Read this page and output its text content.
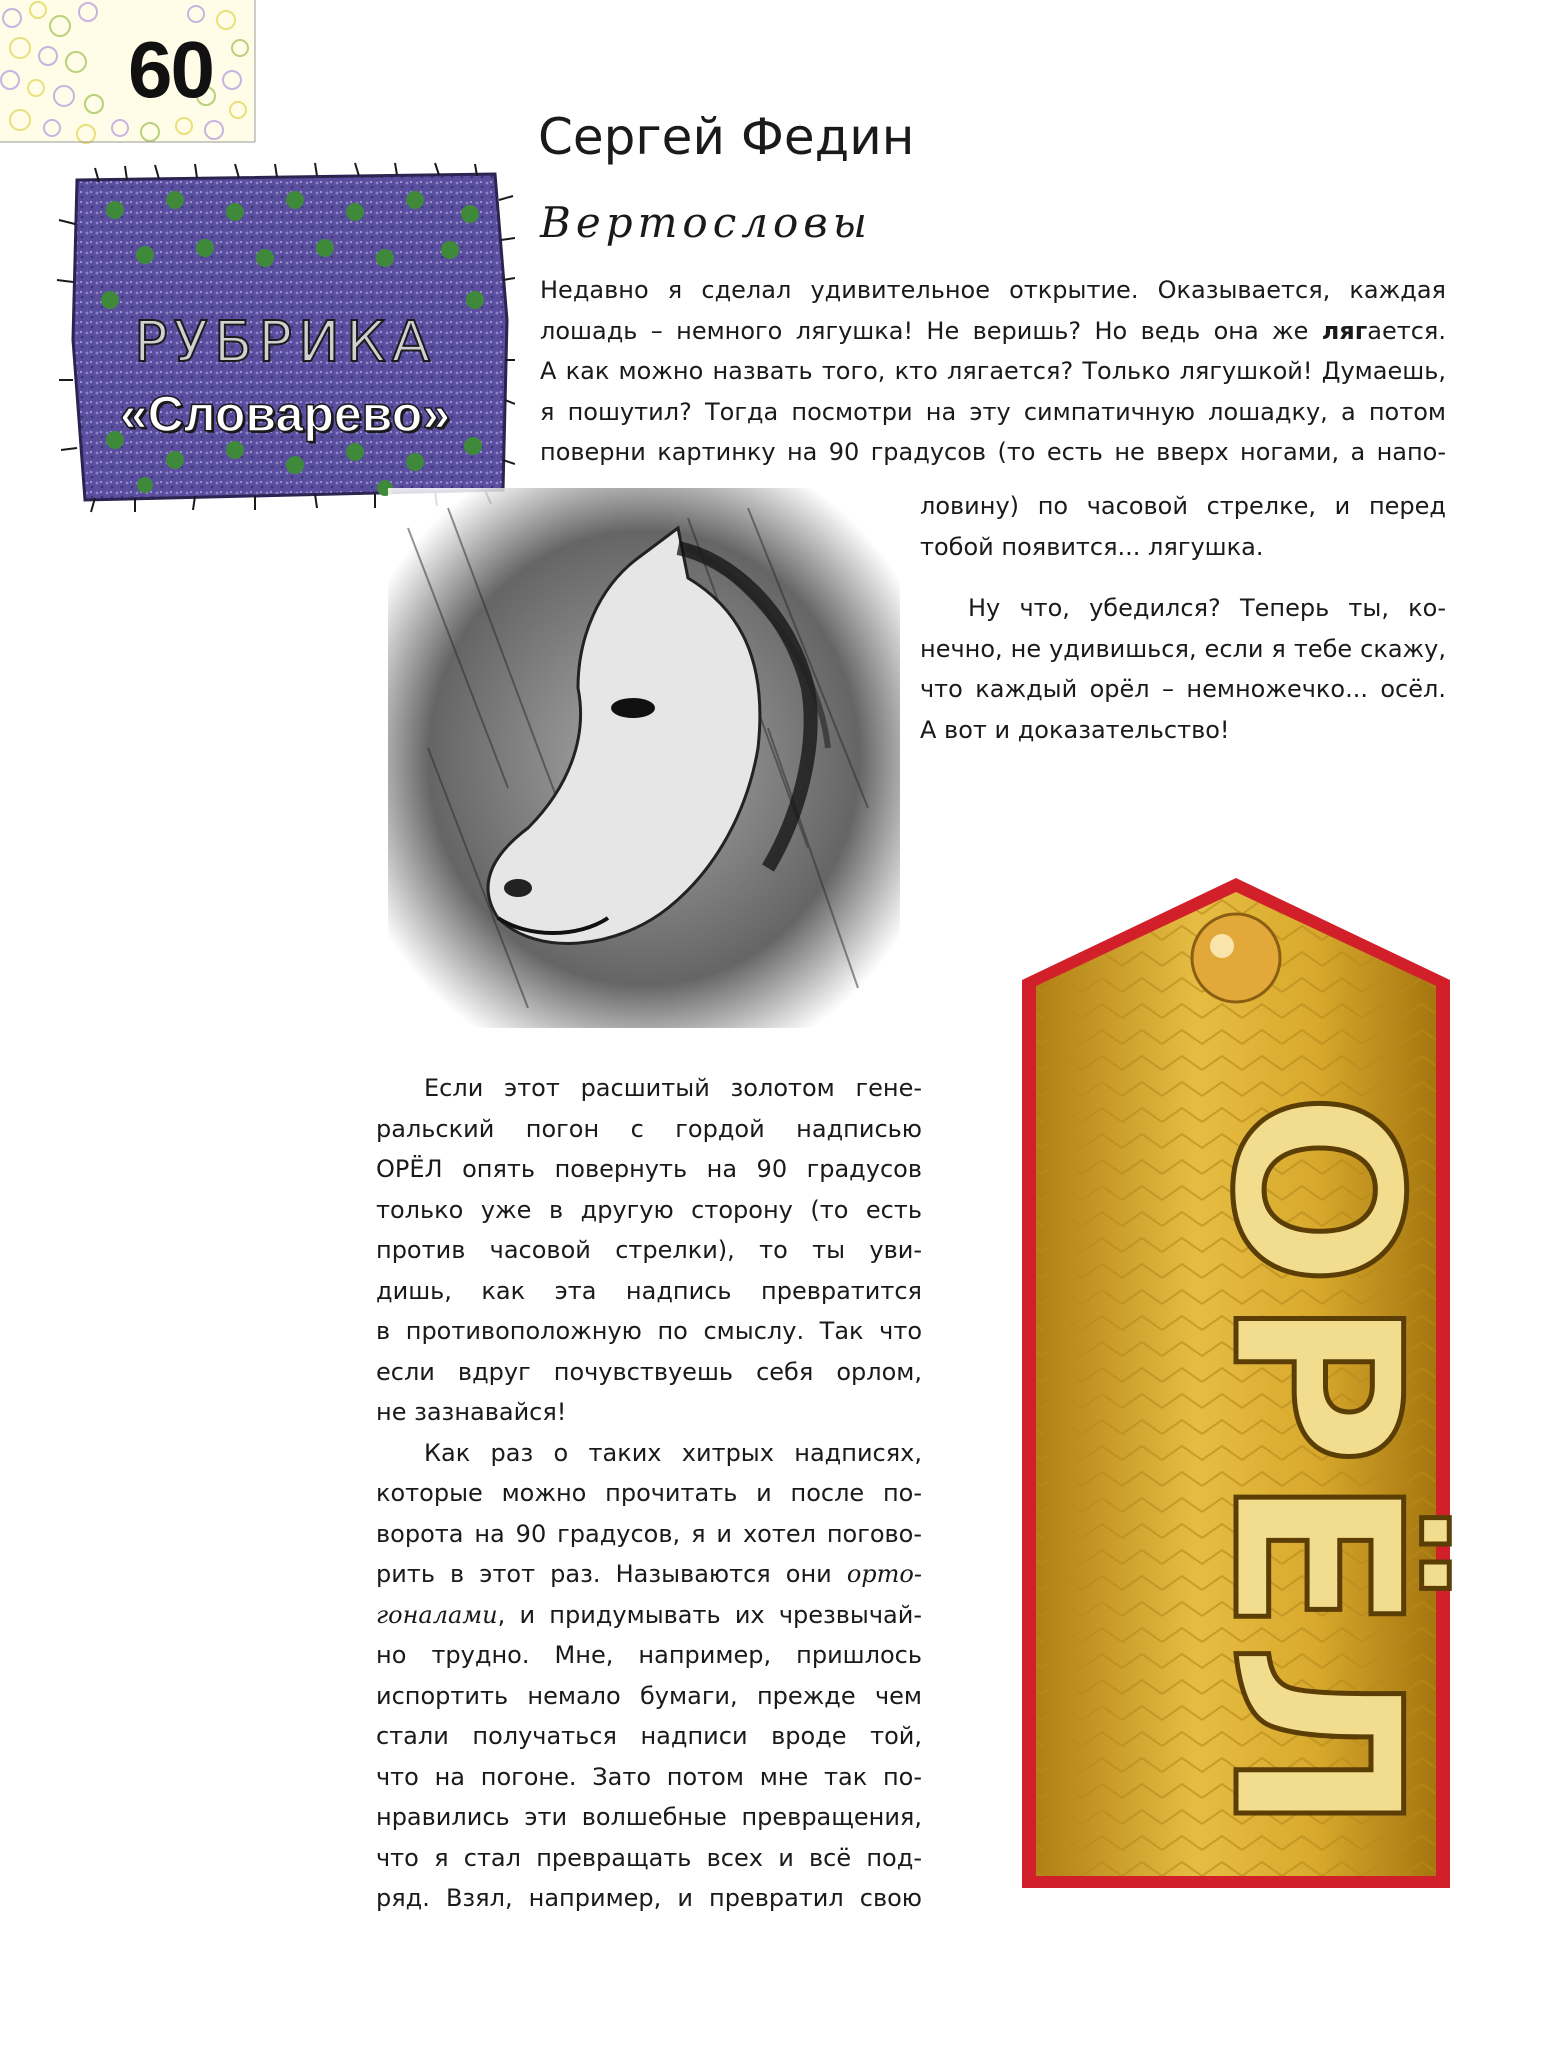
60
РУБРИКА
«Словарево»
Сергей Федин
Вертословы
Недавно я сделал удивительное открытие. Оказывается, каждая
лошадь – немного лягушка! Не веришь? Но ведь она же лягается.
А как можно назвать того, кто лягается? Только лягушкой! Думаешь,
я пошутил? Тогда посмотри на эту симпатичную лошадку, а потом
поверни картинку на 90 градусов (то есть не вверх ногами, а напо-
ловину) по часовой стрелке, и перед
тобой появится... лягушка.
Ну что, убедился? Теперь ты, ко-
нечно, не удивишься, если я тебе скажу,
что каждый орёл – немножечко... осёл.
А вот и доказательство!
Если этот расшитый золотом гене-
ральский погон с гордой надписью
ОРЁЛ опять повернуть на 90 градусов
только уже в другую сторону (то есть
против часовой стрелки), то ты уви-
дишь, как эта надпись превратится
в противоположную по смыслу. Так что
если вдруг почувствуешь себя орлом,
не зазнавайся!
Как раз о таких хитрых надписях,
которые можно прочитать и после по-
ворота на 90 градусов, я и хотел погово-
рить в этот раз. Называются они орто-
гоналами, и придумывать их чрезвычай-
но трудно. Мне, например, пришлось
испортить немало бумаги, прежде чем
стали получаться надписи вроде той,
что на погоне. Зато потом мне так по-
нравились эти волшебные превращения,
что я стал превращать всех и всё под-
ряд. Взял, например, и превратил свою
ОРЁЛ
